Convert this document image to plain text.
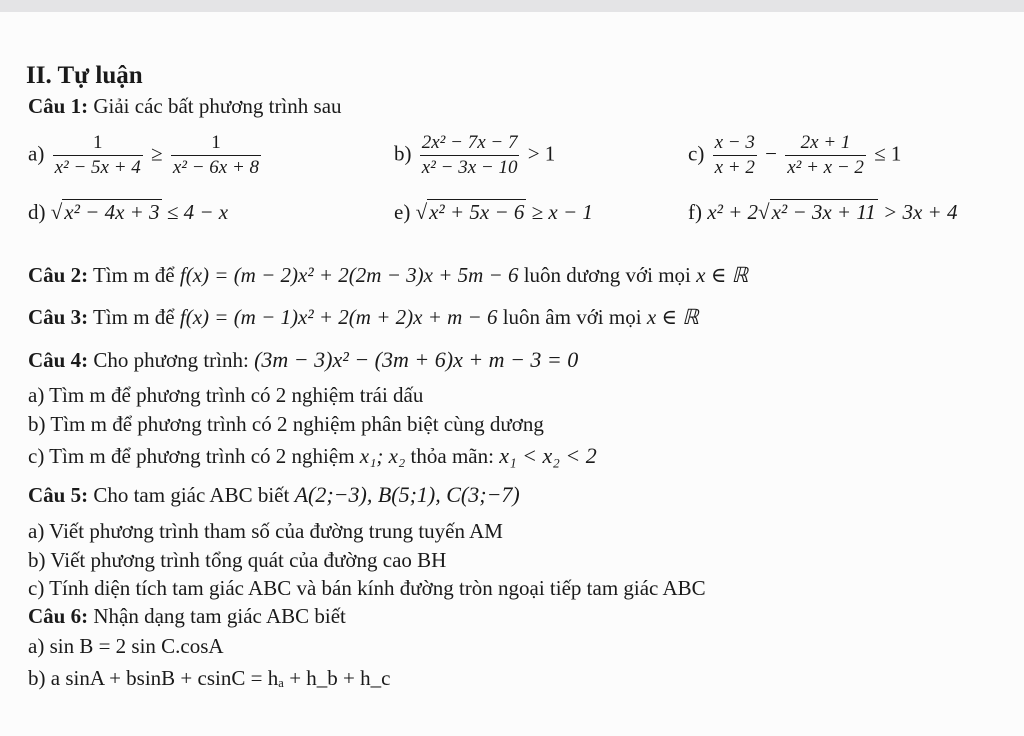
II. Tự luận
Câu 1: Giải các bất phương trình sau
$a) \frac{1}{\text{x² − 5x + 4}} \ge \frac{1}{\text{x² − 6x + 8}}$	$b) \frac{\text{2x² − 7x − 7}}{\text{x² − 3x − 10}} > 1$	$c) \frac{x - 3}{x + 2} - \frac{2x + 1}{\text{x² + x − 2}} \le 1$
d) √x² − 4x + 3 ≤ 4 − x	e) √x² + 5x − 6 ≥ x − 1	f) x² + 2√x² − 3x + 11 > 3x + 4
Câu 2: Tìm m để f(x) = (m − 2)x² + 2(2m − 3)x + 5m − 6 luôn dương với mọi x ∈ ℝ
Câu 3: Tìm m để f(x) = (m − 1)x² + 2(m + 2)x + m − 6 luôn âm với mọi x ∈ ℝ
Câu 4: Cho phương trình: (3m − 3)x² − (3m + 6)x + m − 3 = 0
a) Tìm m để phương trình có 2 nghiệm trái dấu
b) Tìm m để phương trình có 2 nghiệm phân biệt cùng dương
c) Tìm m để phương trình có 2 nghiệm x₁; x₂ thỏa mãn: x₁ < x₂ < 2
Câu 5: Cho tam giác ABC biết A(2;−3), B(5;1), C(3;−7)
a) Viết phương trình tham số của đường trung tuyến AM
b) Viết phương trình tổng quát của đường cao BH
c) Tính diện tích tam giác ABC và bán kính đường tròn ngoại tiếp tam giác ABC
Câu 6: Nhận dạng tam giác ABC biết
a) sin B = 2 sin C.cosA
b) a sinA + bsinB + csinC = hₐ + h_b + h_c
